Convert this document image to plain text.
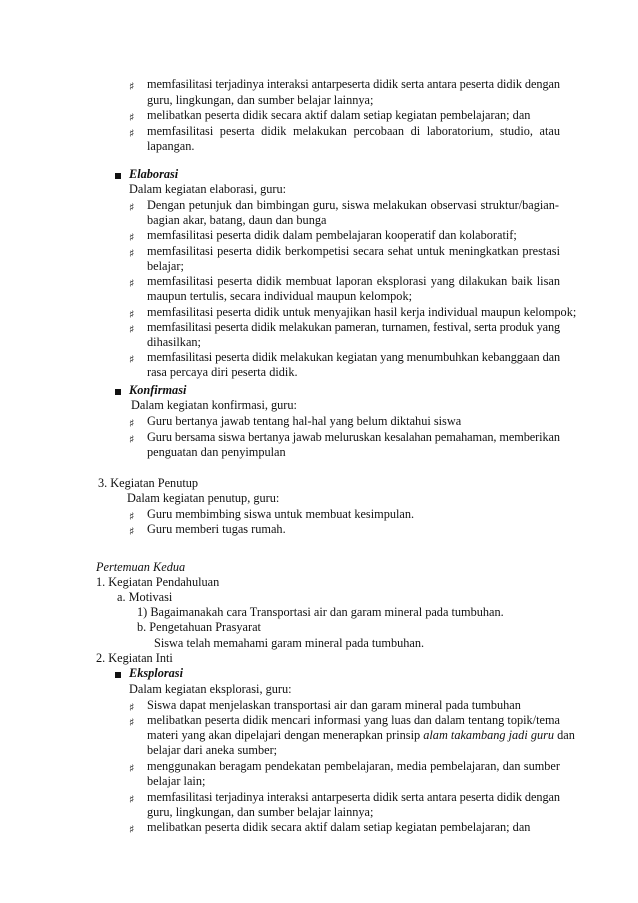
♯ memfasilitasi terjadinya interaksi antarpeserta didik serta antara peserta didik dengan
guru, lingkungan, dan sumber belajar lainnya;
♯ melibatkan peserta didik secara aktif dalam setiap kegiatan pembelajaran; dan
♯ memfasilitasi peserta didik melakukan percobaan di laboratorium, studio, atau
lapangan.
Elaborasi
Dalam kegiatan elaborasi, guru:
♯ Dengan petunjuk dan bimbingan guru, siswa melakukan observasi struktur/bagian-
bagian akar, batang, daun dan bunga
♯ memfasilitasi peserta didik dalam pembelajaran kooperatif dan kolaboratif;
♯ memfasilitasi peserta didik berkompetisi secara sehat untuk meningkatkan prestasi
belajar;
♯ memfasilitasi peserta didik membuat laporan eksplorasi yang dilakukan baik lisan
maupun tertulis, secara individual maupun kelompok;
♯ memfasilitasi peserta didik untuk menyajikan hasil kerja individual maupun kelompok;
♯ memfasilitasi peserta didik melakukan pameran, turnamen, festival, serta produk yang
dihasilkan;
♯ memfasilitasi peserta didik melakukan kegiatan yang menumbuhkan kebanggaan dan
rasa percaya diri peserta didik.
Konfirmasi
Dalam kegiatan konfirmasi, guru:
♯ Guru bertanya jawab tentang hal-hal yang belum diktahui siswa
♯ Guru bersama siswa bertanya jawab meluruskan kesalahan pemahaman, memberikan
penguatan dan penyimpulan
3. Kegiatan Penutup
Dalam kegiatan penutup, guru:
♯ Guru membimbing siswa untuk membuat kesimpulan.
♯ Guru memberi tugas rumah.
Pertemuan Kedua
1. Kegiatan Pendahuluan
a. Motivasi
1) Bagaimanakah cara Transportasi air dan garam mineral pada tumbuhan.
b. Pengetahuan Prasyarat
Siswa telah memahami garam mineral pada tumbuhan.
2. Kegiatan Inti
Eksplorasi
Dalam kegiatan eksplorasi, guru:
♯ Siswa dapat menjelaskan transportasi air dan garam mineral pada tumbuhan
♯ melibatkan peserta didik mencari informasi yang luas dan dalam tentang topik/tema
materi yang akan dipelajari dengan menerapkan prinsip alam takambang jadi guru dan
belajar dari aneka sumber;
♯ menggunakan beragam pendekatan pembelajaran, media pembelajaran, dan sumber
belajar lain;
♯ memfasilitasi terjadinya interaksi antarpeserta didik serta antara peserta didik dengan
guru, lingkungan, dan sumber belajar lainnya;
♯ melibatkan peserta didik secara aktif dalam setiap kegiatan pembelajaran; dan
